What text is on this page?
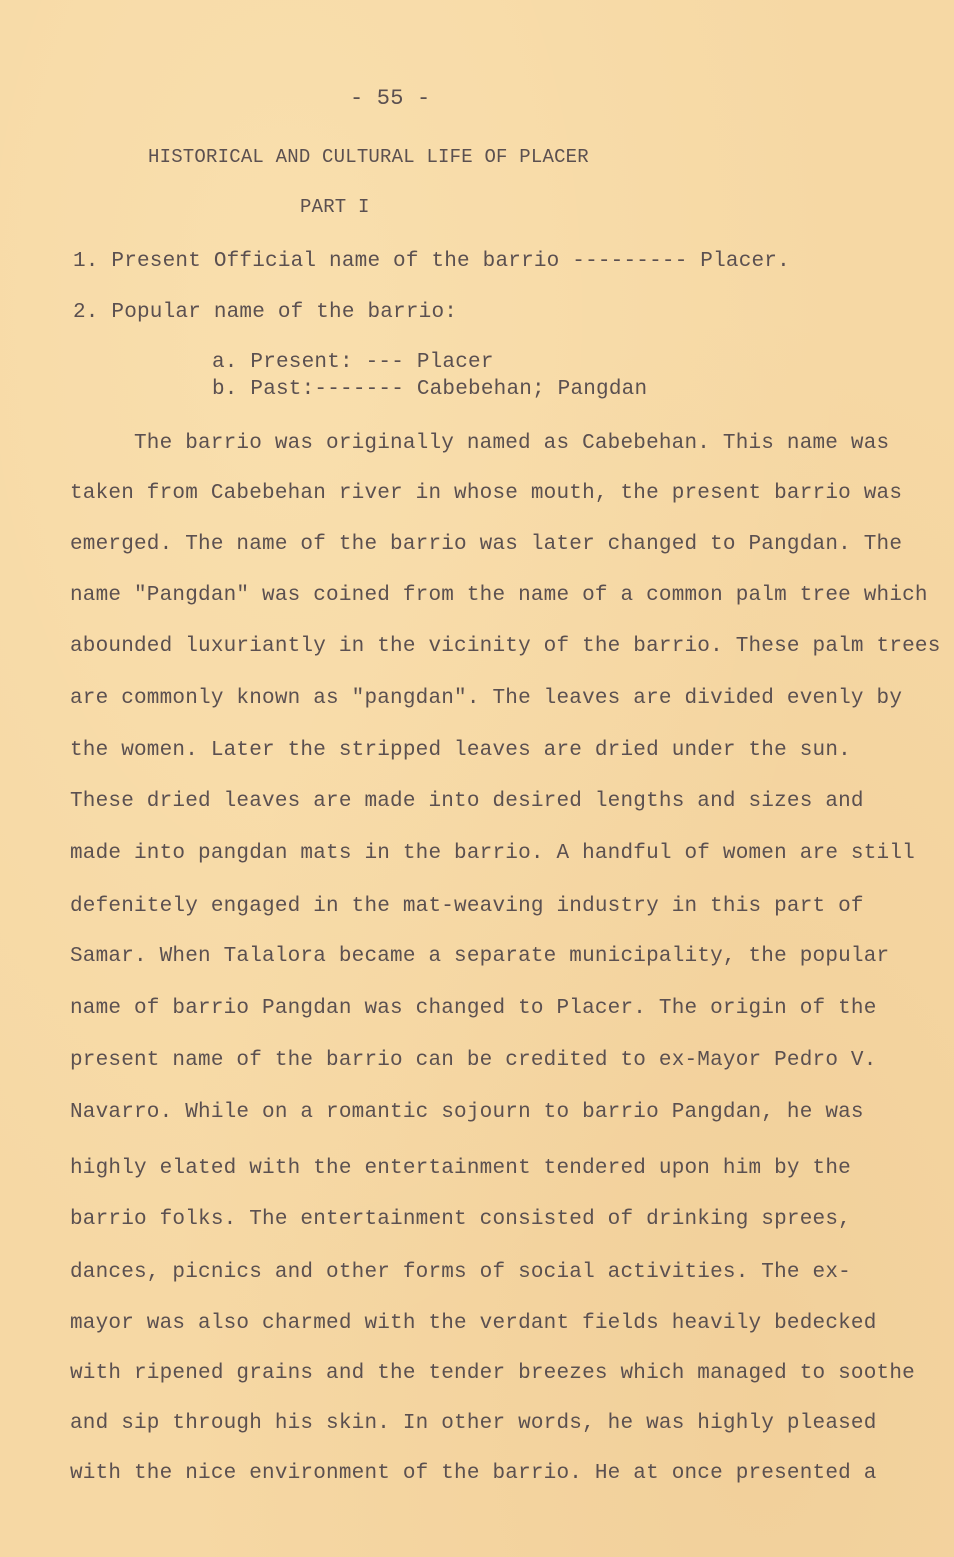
- 55 -
HISTORICAL AND CULTURAL LIFE OF PLACER
PART I
1. Present Official name of the barrio --------- Placer.
2. Popular name of the barrio:
a. Present: --- Placer
b. Past:------- Cabebehan; Pangdan
The barrio was originally named as Cabebehan. This name was
taken from Cabebehan river in whose mouth, the present barrio was
emerged. The name of the barrio was later changed to Pangdan. The
name "Pangdan" was coined from the name of a common palm tree which
abounded luxuriantly in the vicinity of the barrio. These palm trees
are commonly known as "pangdan". The leaves are divided evenly by
the women. Later the stripped leaves are dried under the sun.
These dried leaves are made into desired lengths and sizes and
made into pangdan mats in the barrio. A handful of women are still
defenitely engaged in the mat-weaving industry in this part of
Samar. When Talalora became a separate municipality, the popular
name of barrio Pangdan was changed to Placer. The origin of the
present name of the barrio can be credited to ex-Mayor Pedro V.
Navarro. While on a romantic sojourn to barrio Pangdan, he was
highly elated with the entertainment tendered upon him by the
barrio folks. The entertainment consisted of drinking sprees,
dances, picnics and other forms of social activities. The ex-
mayor was also charmed with the verdant fields heavily bedecked
with ripened grains and the tender breezes which managed to soothe
and sip through his skin. In other words, he was highly pleased
with the nice environment of the barrio. He at once presented a
